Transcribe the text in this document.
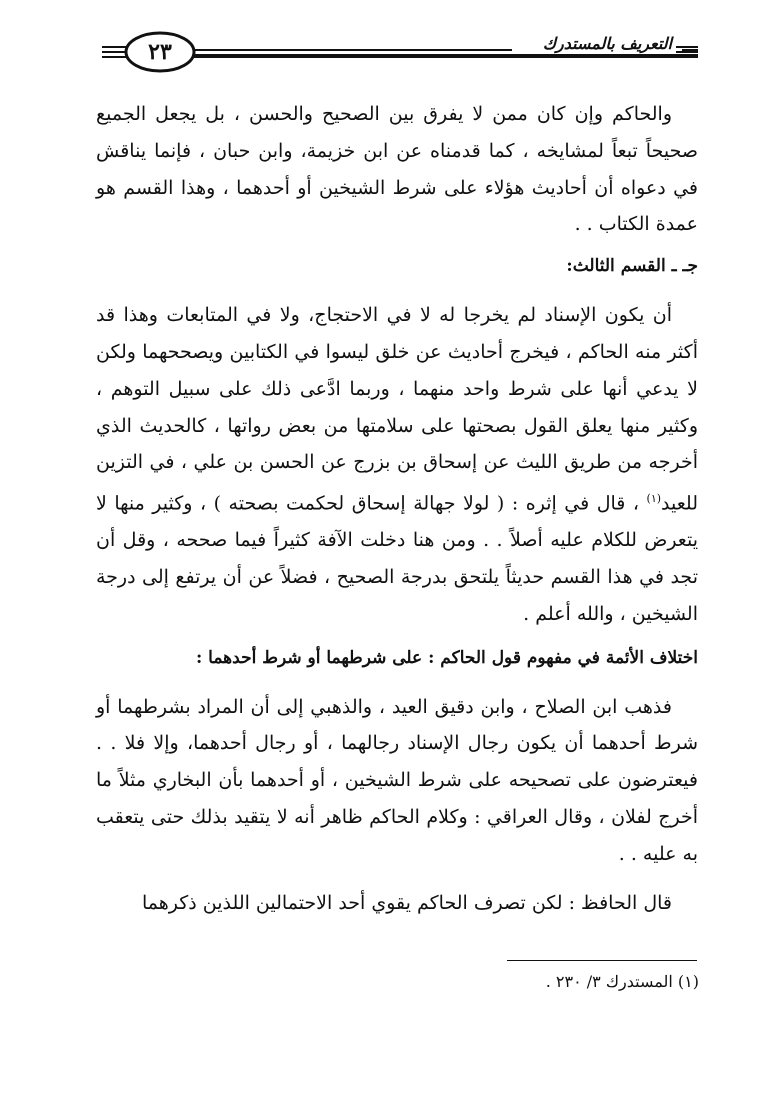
٢٣	التعريف بالمستدرك

والحاكم وإن كان ممن لا يفرق بين الصحيح والحسن ، بل يجعل الجميع صحيحاً تبعاً لمشايخه ، كما قدمناه عن ابن خزيمة، وابن حبان ، فإنما يناقش في دعواه أن أحاديث هؤلاء على شرط الشيخين أو أحدهما ، وهذا القسم هو عمدة الكتاب . .

جـ ـ القسم الثالث:

أن يكون الإسناد لم يخرجا له لا في الاحتجاج، ولا في المتابعات وهذا قد أكثر منه الحاكم ، فيخرج أحاديث عن خلق ليسوا في الكتابين ويصححهما ولكن لا يدعي أنها على شرط واحد منهما ، وربما ادَّعى ذلك على سبيل التوهم ، وكثير منها يعلق القول بصحتها على سلامتها من بعض رواتها ، كالحديث الذي أخرجه من طريق الليث عن إسحاق بن بزرج عن الحسن بن علي ، في التزين للعيد$^{(١)}$ ، قال في إثره : ( لولا جهالة إسحاق لحكمت بصحته ) ، وكثير منها لا يتعرض للكلام عليه أصلاً . . ومن هنا دخلت الآفة كثيراً فيما صححه ، وقل أن تجد في هذا القسم حديثاً يلتحق بدرجة الصحيح ، فضلاً عن أن يرتفع إلى درجة الشيخين ، والله أعلم .

اختلاف الأئمة في مفهوم قول الحاكم : على شرطهما أو شرط أحدهما :

فذهب ابن الصلاح ، وابن دقيق العيد ، والذهبي إلى أن المراد بشرطهما أو شرط أحدهما أن يكون رجال الإسناد رجالهما ، أو رجال أحدهما، وإلا فلا . . فيعترضون على تصحيحه على شرط الشيخين ، أو أحدهما بأن البخاري مثلاً ما أخرج لفلان ، وقال العراقي : وكلام الحاكم ظاهر أنه لا يتقيد بذلك حتى يتعقب به عليه . .

قال الحافظ : لكن تصرف الحاكم يقوي أحد الاحتمالين اللذين ذكرهما

(١) المستدرك ٣/ ٢٣٠ .
